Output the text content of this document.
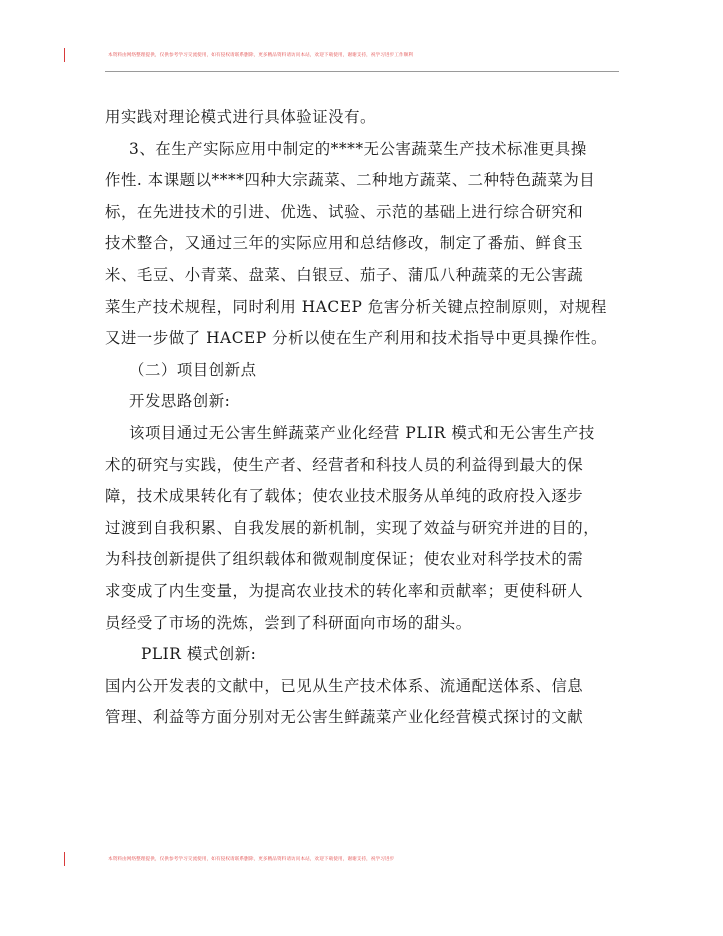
本资料由网络整理提供，仅供参考学习交流使用，如有侵权请联系删除，更多精品资料请访问本站，欢迎下载使用，谢谢支持，祝学习进步工作顺利
用实践对理论模式进行具体验证没有。
3、在生产实际应用中制定的****无公害蔬菜生产技术标准更具操
作性. 本课题以****四种大宗蔬菜、二种地方蔬菜、二种特色蔬菜为目
标，在先进技术的引进、优选、试验、示范的基础上进行综合研究和
技术整合，又通过三年的实际应用和总结修改，制定了番茄、鲜食玉
米、毛豆、小青菜、盘菜、白银豆、茄子、蒲瓜八种蔬菜的无公害蔬
菜生产技术规程，同时利用 HACEP 危害分析关键点控制原则，对规程
又进一步做了 HACEP 分析以使在生产利用和技术指导中更具操作性。
（二）项目创新点
开发思路创新:
该项目通过无公害生鲜蔬菜产业化经营 PLIR 模式和无公害生产技
术的研究与实践，使生产者、经营者和科技人员的利益得到最大的保
障，技术成果转化有了载体；使农业技术服务从单纯的政府投入逐步
过渡到自我积累、自我发展的新机制，实现了效益与研究并进的目的，
为科技创新提供了组织载体和微观制度保证；使农业对科学技术的需
求变成了内生变量，为提高农业技术的转化率和贡献率；更使科研人
员经受了市场的洗炼，尝到了科研面向市场的甜头。
PLIR 模式创新:
国内公开发表的文献中，已见从生产技术体系、流通配送体系、信息
管理、利益等方面分别对无公害生鲜蔬菜产业化经营模式探讨的文献
本资料由网络整理提供，仅供参考学习交流使用，如有侵权请联系删除，更多精品资料请访问本站，欢迎下载使用，谢谢支持，祝学习进步
